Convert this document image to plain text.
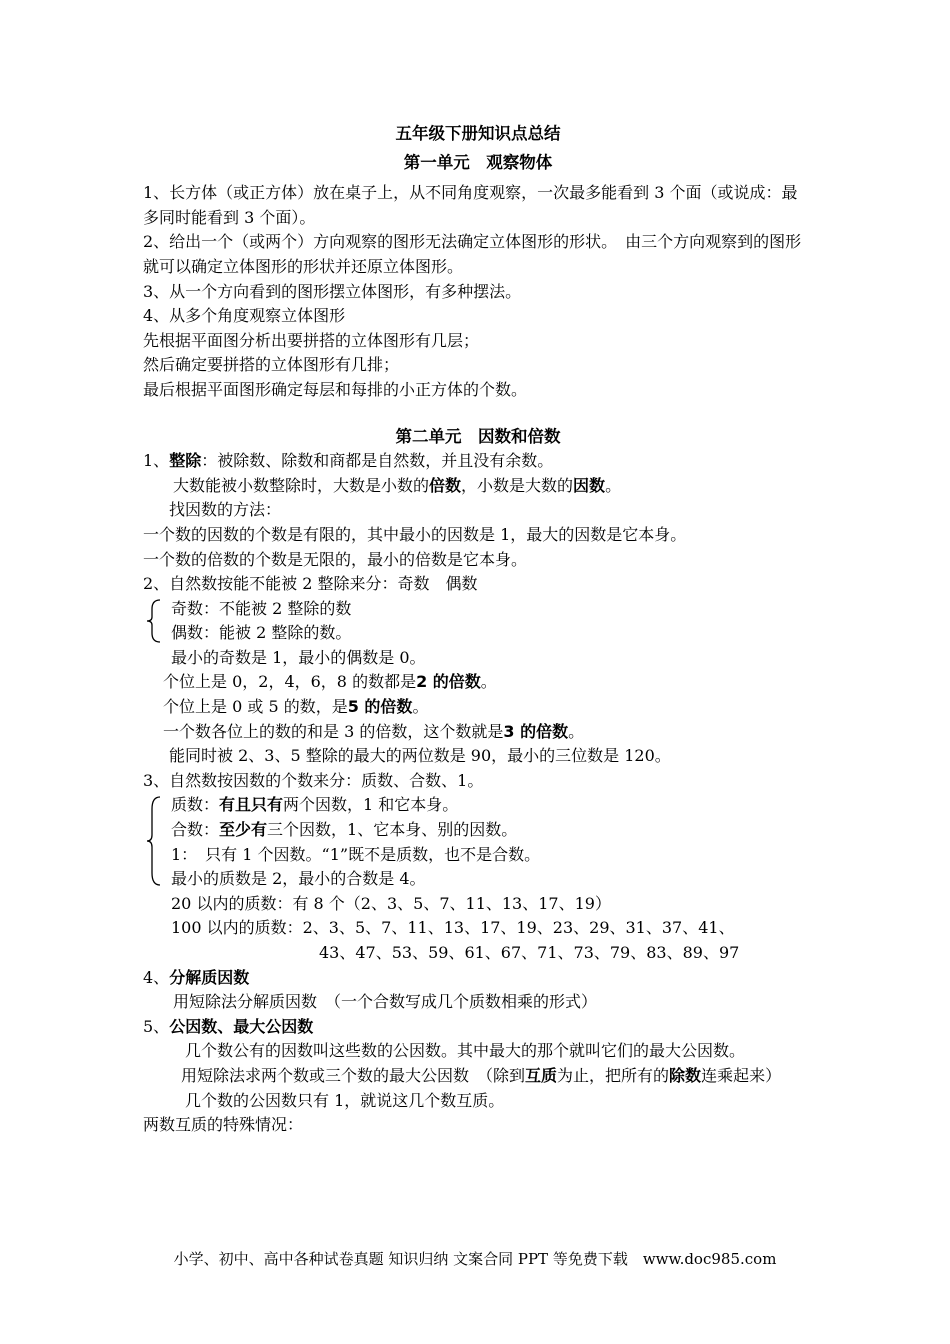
五年级下册知识点总结
第一单元　观察物体
1、长方体（或正方体）放在桌子上，从不同角度观察，一次最多能看到 3 个面（或说成：最多同时能看到 3 个面）。
2、给出一个（或两个）方向观察的图形无法确定立体图形的形状。　由三个方向观察到的图形就可以确定立体图形的形状并还原立体图形。
3、从一个方向看到的图形摆立体图形，有多种摆法。
4、从多个角度观察立体图形
先根据平面图分析出要拼搭的立体图形有几层；
然后确定要拼搭的立体图形有几排；
最后根据平面图形确定每层和每排的小正方体的个数。
第二单元　因数和倍数
1、整除：被除数、除数和商都是自然数，并且没有余数。
大数能被小数整除时，大数是小数的倍数，小数是大数的因数。
找因数的方法：
一个数的因数的个数是有限的，其中最小的因数是 1，最大的因数是它本身。
一个数的倍数的个数是无限的，最小的倍数是它本身。
2、自然数按能不能被 2 整除来分：奇数　偶数
奇数：不能被 2 整除的数
偶数：能被 2 整除的数。
最小的奇数是 1，最小的偶数是 0。
个位上是 0，2，4，6，8 的数都是2 的倍数。
个位上是 0 或 5 的数，是5 的倍数。
一个数各位上的数的和是 3 的倍数，这个数就是3 的倍数。
能同时被 2、3、5 整除的最大的两位数是 90，最小的三位数是 120。
3、自然数按因数的个数来分：质数、合数、1。
质数：有且只有两个因数，1 和它本身。
合数：至少有三个因数，1、它本身、别的因数。
1：　只有 1 个因数。“1”既不是质数，也不是合数。
最小的质数是 2，最小的合数是 4。
20 以内的质数：有 8 个（2、3、5、7、11、13、17、19）
100 以内的质数：2、3、5、7、11、13、17、19、23、29、31、37、41、
43、47、53、59、61、67、71、73、79、83、89、97
4、分解质因数
用短除法分解质因数　（一个合数写成几个质数相乘的形式）
5、公因数、最大公因数
几个数公有的因数叫这些数的公因数。其中最大的那个就叫它们的最大公因数。
用短除法求两个数或三个数的最大公因数　（除到互质为止，把所有的除数连乘起来）
几个数的公因数只有 1，就说这几个数互质。
两数互质的特殊情况：
小学、初中、高中各种试卷真题 知识归纳 文案合同 PPT 等免费下载　www.doc985.com
